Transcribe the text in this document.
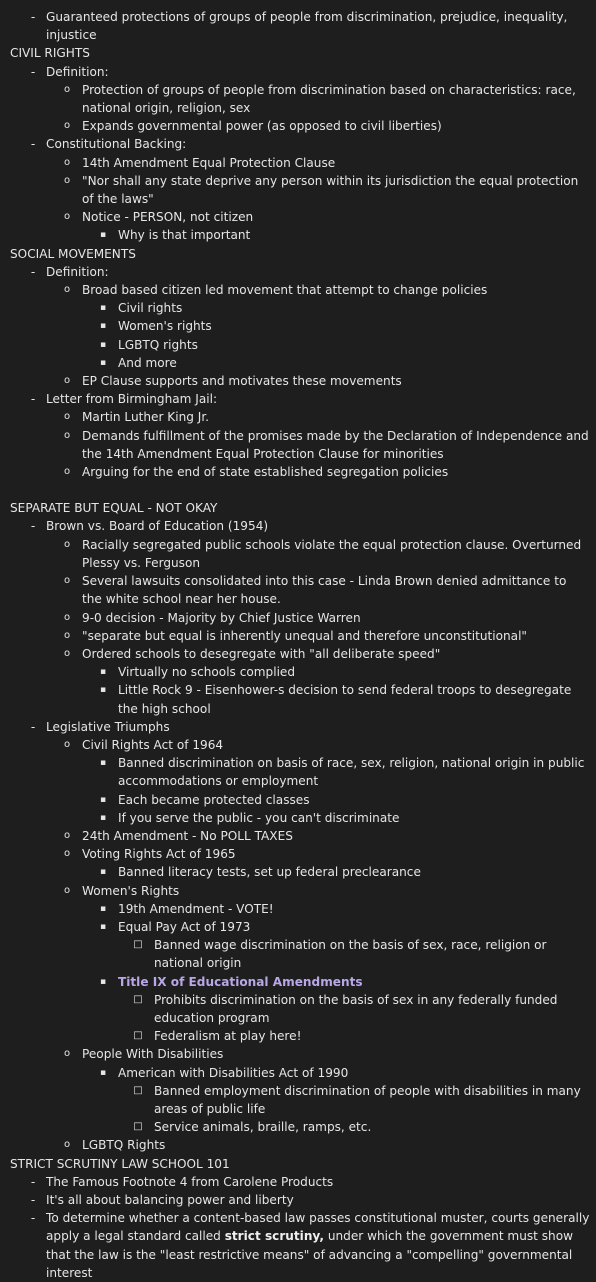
- Guaranteed protections of groups of people from discrimination, prejudice, inequality, injustice
CIVIL RIGHTS
- Definition:
o Protection of groups of people from discrimination based on characteristics: race, national origin, religion, sex
o Expands governmental power (as opposed to civil liberties)
- Constitutional Backing:
o 14th Amendment Equal Protection Clause
o "Nor shall any state deprive any person within its jurisdiction the equal protection of the laws"
o Notice - PERSON, not citizen
▪ Why is that important
SOCIAL MOVEMENTS
- Definition:
o Broad based citizen led movement that attempt to change policies
▪ Civil rights
▪ Women's rights
▪ LGBTQ rights
▪ And more
o EP Clause supports and motivates these movements
- Letter from Birmingham Jail:
o Martin Luther King Jr.
o Demands fulfillment of the promises made by the Declaration of Independence and the 14th Amendment Equal Protection Clause for minorities
o Arguing for the end of state established segregation policies
SEPARATE BUT EQUAL - NOT OKAY
- Brown vs. Board of Education (1954)
o Racially segregated public schools violate the equal protection clause. Overturned Plessy vs. Ferguson
o Several lawsuits consolidated into this case - Linda Brown denied admittance to the white school near her house.
o 9-0 decision - Majority by Chief Justice Warren
o "separate but equal is inherently unequal and therefore unconstitutional"
o Ordered schools to desegregate with "all deliberate speed"
▪ Virtually no schools complied
▪ Little Rock 9 - Eisenhower-s decision to send federal troops to desegregate the high school
- Legislative Triumphs
o Civil Rights Act of 1964
▪ Banned discrimination on basis of race, sex, religion, national origin in public accommodations or employment
▪ Each became protected classes
▪ If you serve the public - you can't discriminate
o 24th Amendment - No POLL TAXES
o Voting Rights Act of 1965
▪ Banned literacy tests, set up federal preclearance
o Women's Rights
▪ 19th Amendment - VOTE!
▪ Equal Pay Act of 1973
□ Banned wage discrimination on the basis of sex, race, religion or national origin
▪ Title IX of Educational Amendments
□ Prohibits discrimination on the basis of sex in any federally funded education program
□ Federalism at play here!
o People With Disabilities
▪ American with Disabilities Act of 1990
□ Banned employment discrimination of people with disabilities in many areas of public life
□ Service animals, braille, ramps, etc.
o LGBTQ Rights
STRICT SCRUTINY LAW SCHOOL 101
- The Famous Footnote 4 from Carolene Products
- It's all about balancing power and liberty
- To determine whether a content-based law passes constitutional muster, courts generally apply a legal standard called strict scrutiny, under which the government must show that the law is the "least restrictive means" of advancing a "compelling" governmental interest
